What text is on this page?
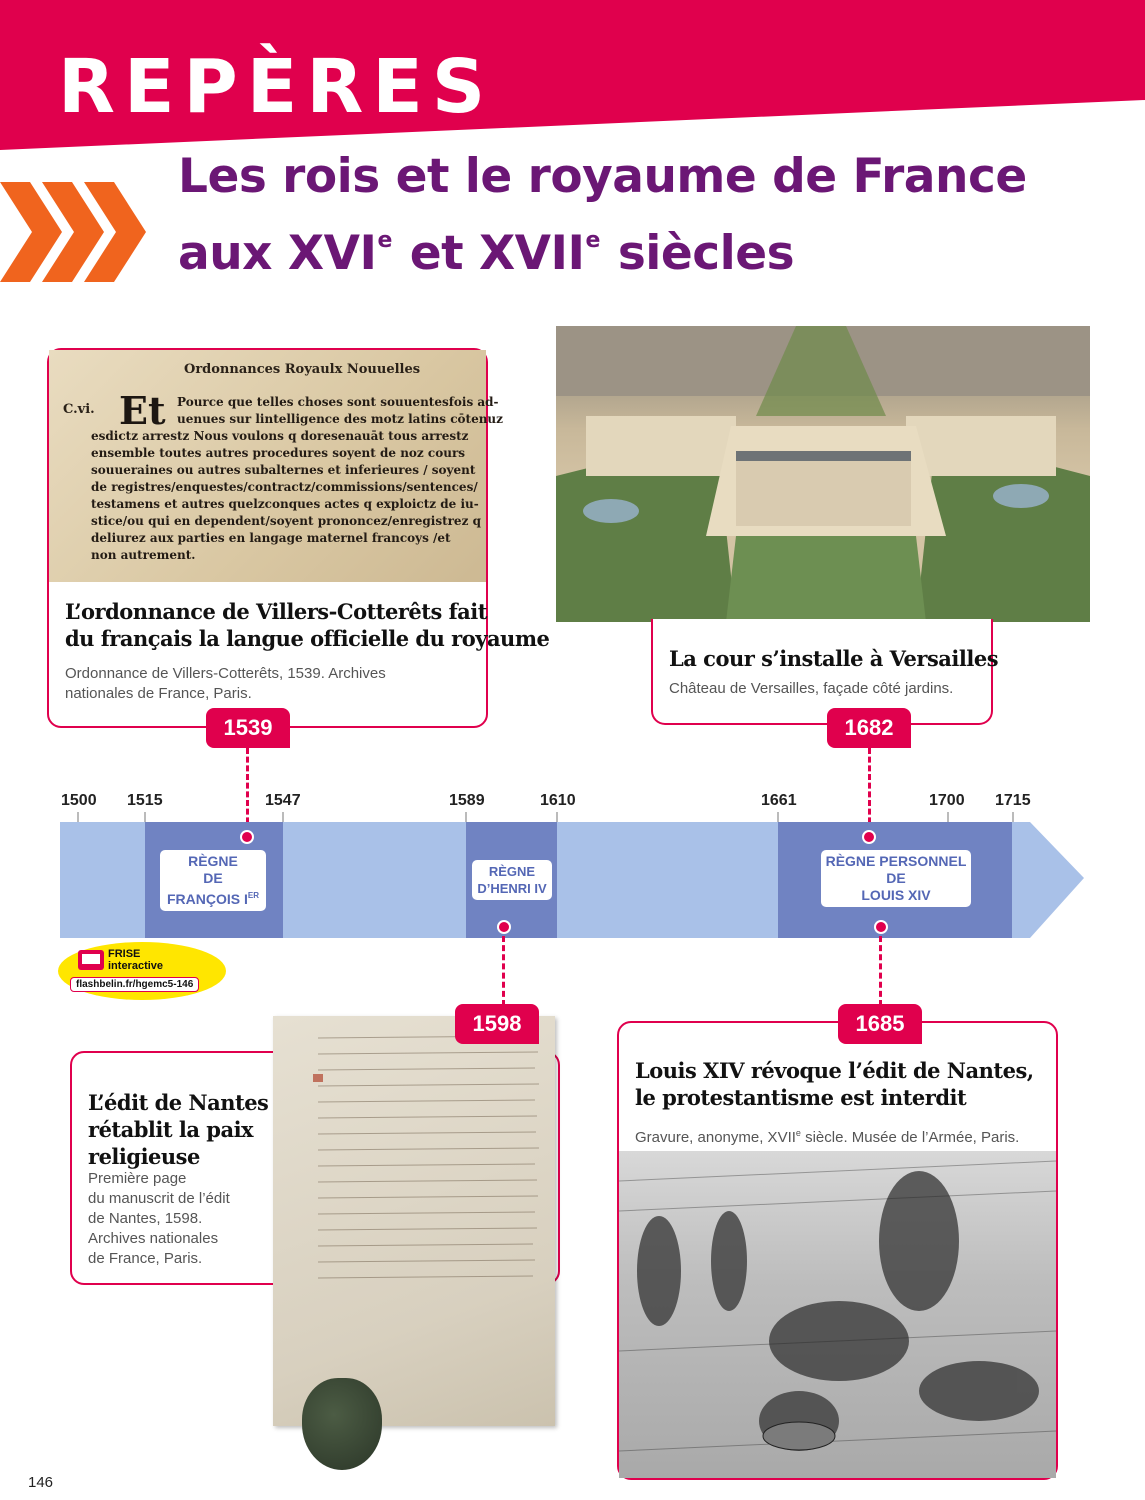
REPÈRES
Les rois et le royaume de France
aux XVIe et XVIIe siècles
Ordonnances Royaulx Nouuelles
C.vi. Et Pource que telles choses sont souuentesfois ad-
uenues sur lintelligence des motz latins cōtenuz
esdictz arrestz Nous voulons q doresenauāt tous arrestz
ensemble toutes autres procedures soyent de noz cours
souueraines ou autres subalternes et inferieures / soyent
de registres/enquestes/contractz/commissions/sentences/
testamens et autres quelzconques actes q exploictz de iu-
stice/ou qui en dependent/soyent prononcez/enregistrez q
deliurez aux parties en langage maternel francoys /et
non autrement.
L’ordonnance de Villers-Cotterêts fait
du français la langue officielle du royaume
Ordonnance de Villers-Cotterêts, 1539. Archives
nationales de France, Paris.
1539
La cour s’installe à Versailles
Château de Versailles, façade côté jardins.
1682
1500 1515	1547	1589	1610	1661	1700 1715
RÈGNE
DE
FRANÇOIS IER
RÈGNE
D’HENRI IV
RÈGNE PERSONNEL
DE
LOUIS XIV
FRISE
interactive
flashbelin.fr/hgemc5-146
L’édit de Nantes
rétablit la paix
religieuse
Première page
du manuscrit de l’édit
de Nantes, 1598.
Archives nationales
de France, Paris.
1598
Louis XIV révoque l’édit de Nantes,
le protestantisme est interdit
Gravure, anonyme, XVIIe siècle. Musée de l’Armée, Paris.
1685
146
